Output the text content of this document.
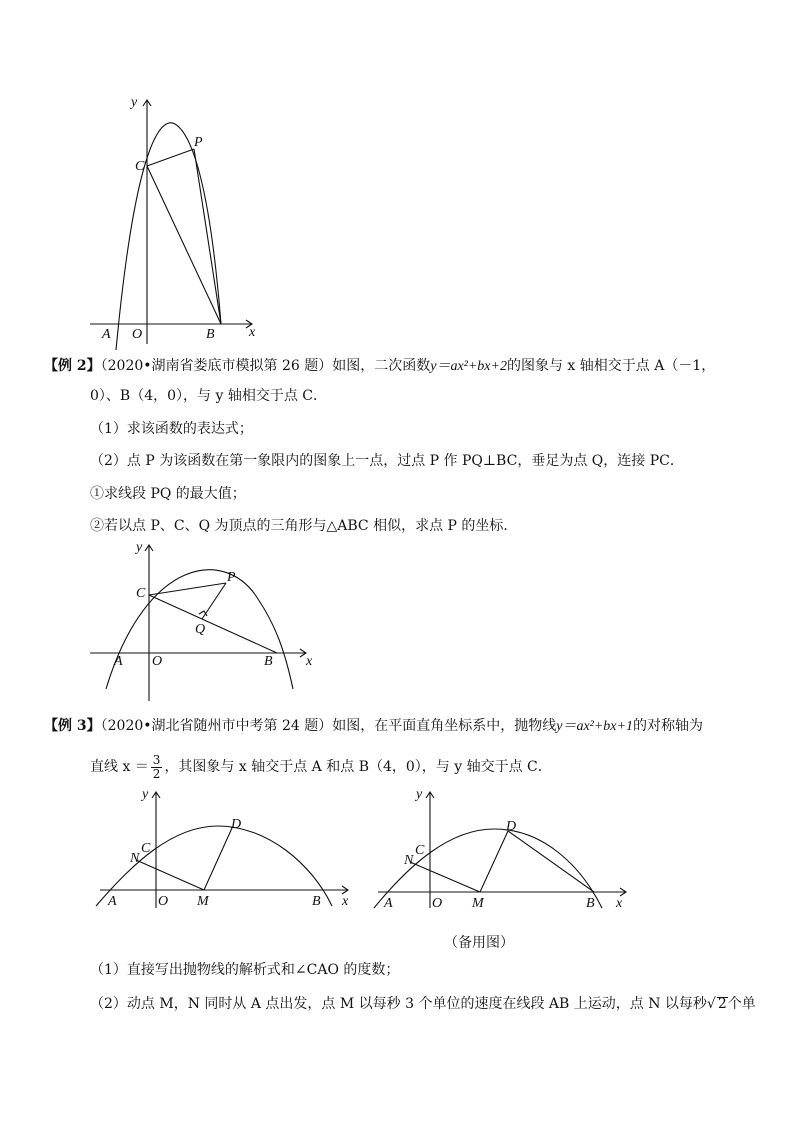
y
C
P
A O	B x
【例 2】（2020•湖南省娄底市模拟第 26 题）如图，二次函数y＝ax²+bx+2的图象与 x 轴相交于点 A（－1，
0）、B（4，0），与 y 轴相交于点 C．
（1）求该函数的表达式；
（2）点 P 为该函数在第一象限内的图象上一点，过点 P 作 PQ⊥BC，垂足为点 Q，连接 PC．
①求线段 PQ 的最大值；
②若以点 P、C、Q 为顶点的三角形与△ABC 相似，求点 P 的坐标．
y
C
P
Q
A O	B x
【例 3】（2020•湖北省随州市中考第 24 题）如图，在平面直角坐标系中，抛物线y＝ax²+bx+1的对称轴为
直线 $x = \frac{3}{2}$ ，其图象与 x 轴交于点 A 和点 B（4，0），与 y 轴交于点 C．
y
C
N
D
A	O M	B x
y
C
N
D
A	O M	B x
（备用图）
（1）直接写出抛物线的解析式和∠CAO 的度数；
（2）动点 M，N 同时从 A 点出发，点 M 以每秒 3 个单位的速度在线段 AB 上运动，点 N 以每秒√ 2个单
